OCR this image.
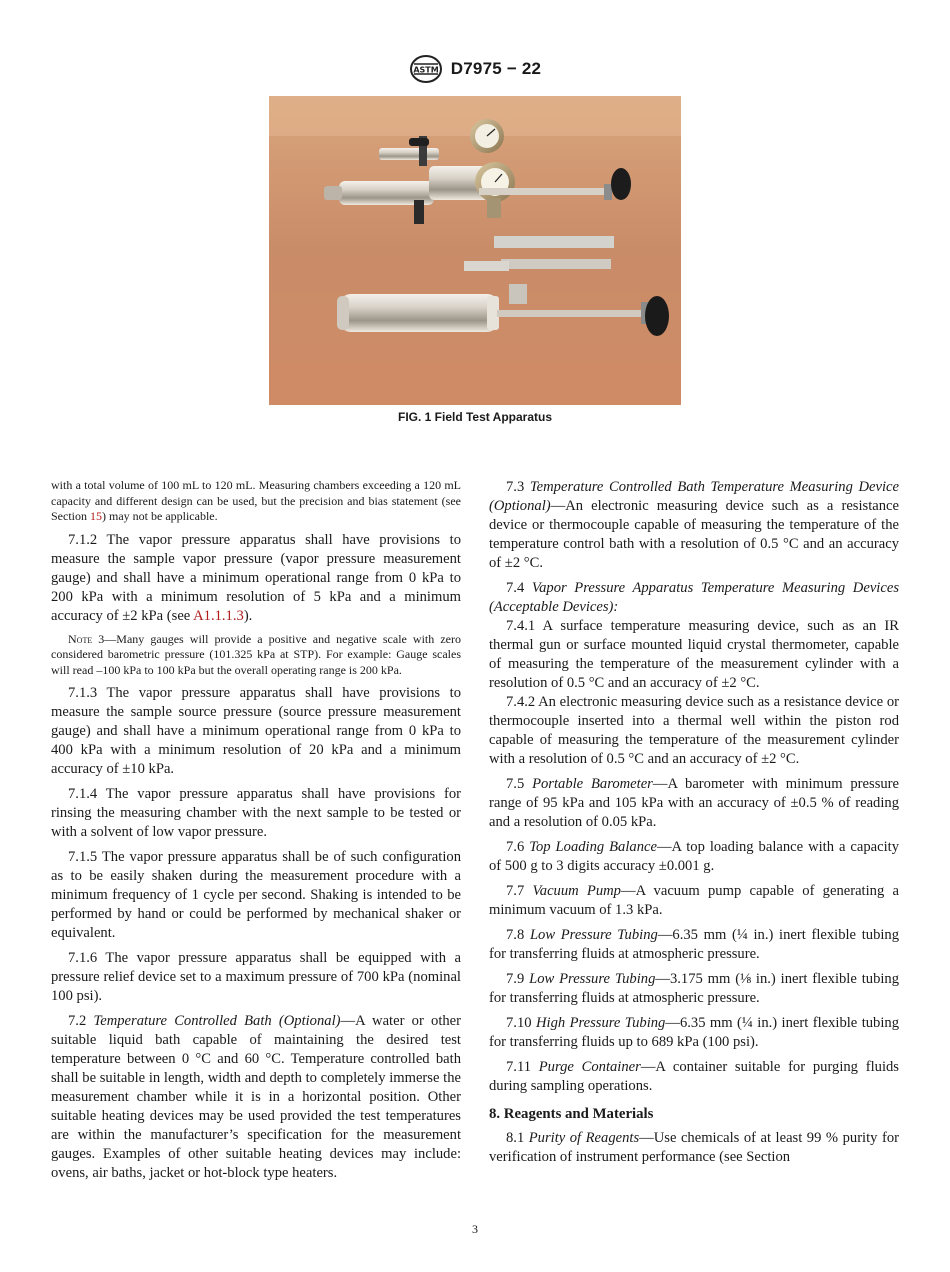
ASTM D7975 − 22
FIG. 1 Field Test Apparatus

with a total volume of 100 mL to 120 mL. Measuring chambers exceeding a 120 mL capacity and different design can be used, but the precision and bias statement (see Section 15) may not be applicable.

7.1.2 The vapor pressure apparatus shall have provisions to measure the sample vapor pressure (vapor pressure measurement gauge) and shall have a minimum operational range from 0 kPa to 200 kPa with a minimum resolution of 5 kPa and a minimum accuracy of ±2 kPa (see A1.1.1.3).

Note 3—Many gauges will provide a positive and negative scale with zero considered barometric pressure (101.325 kPa at STP). For example: Gauge scales will read –100 kPa to 100 kPa but the overall operating range is 200 kPa.

7.1.3 The vapor pressure apparatus shall have provisions to measure the sample source pressure (source pressure measurement gauge) and shall have a minimum operational range from 0 kPa to 400 kPa with a minimum resolution of 20 kPa and a minimum accuracy of ±10 kPa.

7.1.4 The vapor pressure apparatus shall have provisions for rinsing the measuring chamber with the next sample to be tested or with a solvent of low vapor pressure.

7.1.5 The vapor pressure apparatus shall be of such configuration as to be easily shaken during the measurement procedure with a minimum frequency of 1 cycle per second. Shaking is intended to be performed by hand or could be performed by mechanical shaker or equivalent.

7.1.6 The vapor pressure apparatus shall be equipped with a pressure relief device set to a maximum pressure of 700 kPa (nominal 100 psi).

7.2 Temperature Controlled Bath (Optional)—A water or other suitable liquid bath capable of maintaining the desired test temperature between 0 °C and 60 °C. Temperature controlled bath shall be suitable in length, width and depth to completely immerse the measurement chamber while it is in a horizontal position. Other suitable heating devices may be used provided the test temperatures are within the manufacturer’s specification for the measurement gauges. Examples of other suitable heating devices may include: ovens, air baths, jacket or hot-block type heaters.

7.3 Temperature Controlled Bath Temperature Measuring Device (Optional)—An electronic measuring device such as a resistance device or thermocouple capable of measuring the temperature of the temperature control bath with a resolution of 0.5 °C and an accuracy of ±2 °C.

7.4 Vapor Pressure Apparatus Temperature Measuring Devices (Acceptable Devices):

7.4.1 A surface temperature measuring device, such as an IR thermal gun or surface mounted liquid crystal thermometer, capable of measuring the temperature of the measurement cylinder with a resolution of 0.5 °C and an accuracy of ±2 °C.

7.4.2 An electronic measuring device such as a resistance device or thermocouple inserted into a thermal well within the piston rod capable of measuring the temperature of the measurement cylinder with a resolution of 0.5 °C and an accuracy of ±2 °C.

7.5 Portable Barometer—A barometer with minimum pressure range of 95 kPa and 105 kPa with an accuracy of ±0.5 % of reading and a resolution of 0.05 kPa.

7.6 Top Loading Balance—A top loading balance with a capacity of 500 g to 3 digits accuracy ±0.001 g.

7.7 Vacuum Pump—A vacuum pump capable of generating a minimum vacuum of 1.3 kPa.

7.8 Low Pressure Tubing—6.35 mm (¼ in.) inert flexible tubing for transferring fluids at atmospheric pressure.

7.9 Low Pressure Tubing—3.175 mm (⅛ in.) inert flexible tubing for transferring fluids at atmospheric pressure.

7.10 High Pressure Tubing—6.35 mm (¼ in.) inert flexible tubing for transferring fluids up to 689 kPa (100 psi).

7.11 Purge Container—A container suitable for purging fluids during sampling operations.

8. Reagents and Materials

8.1 Purity of Reagents—Use chemicals of at least 99 % purity for verification of instrument performance (see Section

3
